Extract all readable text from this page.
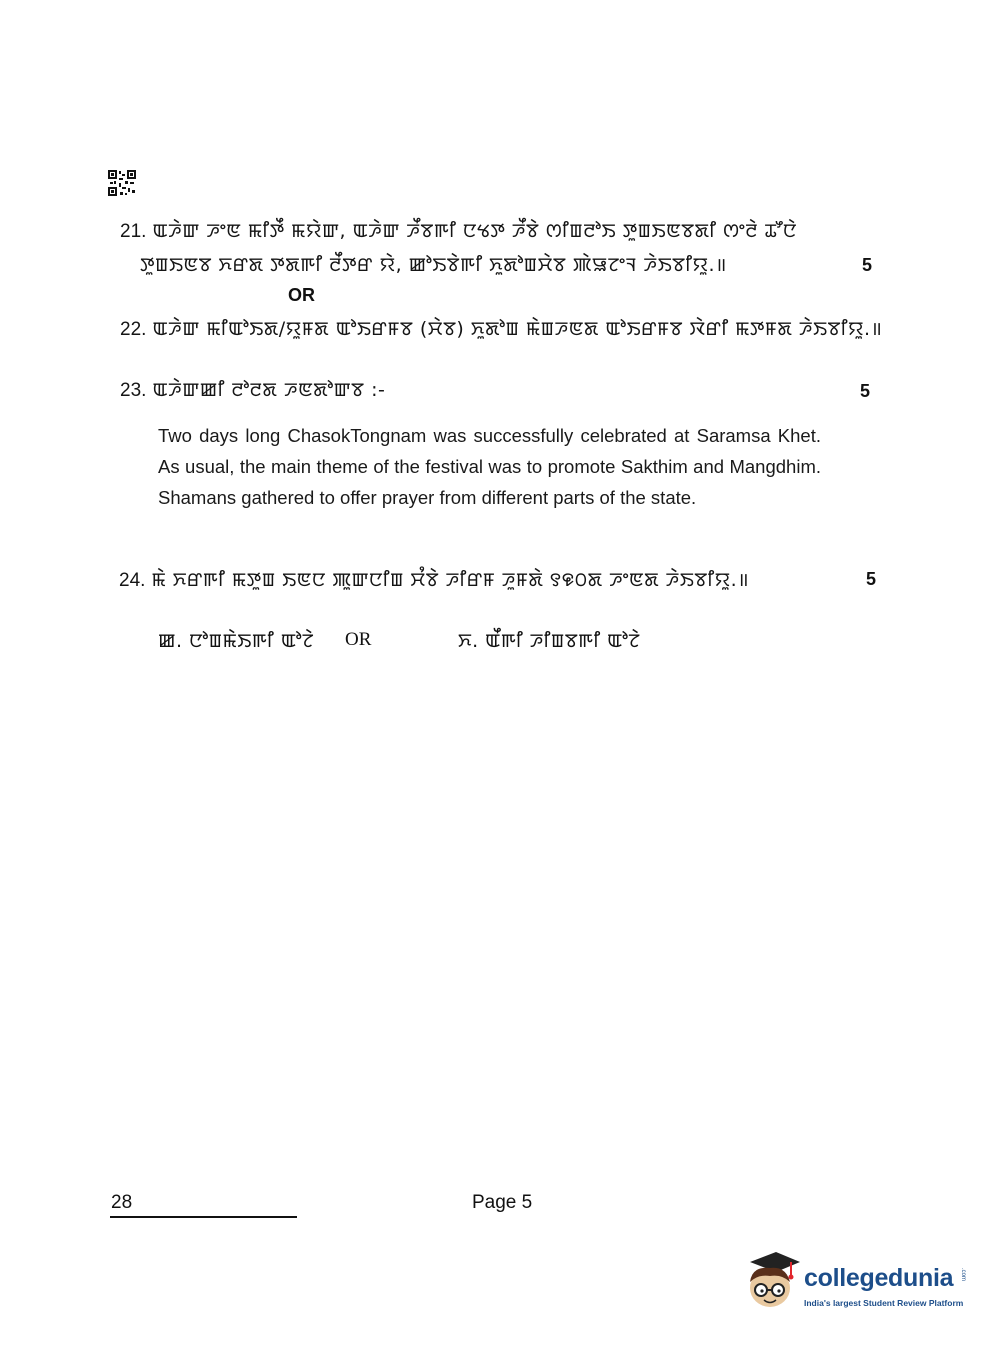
21. ꯑꯍꯥꯛ ꯍꯦꯟ ꯃꯤꯇꯩ ꯃꯌꯥꯛ, ꯑꯍꯥꯛ ꯍꯩꯕꯒꯤ ꯅꯠꯇ ꯍꯩꯕꯥ ꯁꯤꯡꯂꯣꯏ ꯇꯨꯡꯏꯟꯕꯗꯤ ꯁꯦꯂꯥ ꯊꯧꯅꯥ
ꯇꯨꯡꯏꯟꯕ ꯈꯔꯗ ꯇꯗꯒꯤ ꯂꯩꯇꯔ ꯌꯥ, ꯀꯣꯏꯕꯥꯒꯤ ꯈꯨꯗꯣꯡꯆꯥꯕ ꯄꯥꯎꯖꯦꯜ ꯍꯥꯏꯕꯤꯌꯨ.॥	5
OR
22. ꯑꯍꯥꯛ ꯃꯤꯑꯣꯏꯗ/ꯌꯨꯝꯗ ꯑꯣꯏꯔꯝꯕ (ꯆꯥꯕ) ꯈꯨꯗꯣꯡ ꯃꯥꯡꯍꯟꯗ ꯑꯣꯏꯔꯝꯕ ꯋꯥꯔꯤ ꯃꯇꯝꯗ ꯍꯥꯏꯕꯤꯌꯨ.॥
23. ꯑꯍꯥꯛꯀꯤ ꯂꯣꯂꯗ ꯍꯟꯗꯣꯛꯕ :-	5
Two days long ChasokTongnam was successfully celebrated at Saramsa Khet. As usual, the main theme of the festival was to promote Sakthim and Mangdhim. Shamans gathered to offer prayer from different parts of the state.
24. ꯃꯥ ꯈꯔꯒꯤ ꯃꯇꯨꯡ ꯏꯟꯅ ꯄꯨꯛꯅꯤꯡ ꯆꯪꯕꯥ ꯍꯤꯔꯝ ꯍꯨꯝꯗꯥ ꯱꯶꯰ꯗ ꯍꯦꯟꯗ ꯍꯥꯏꯕꯤꯌꯨ.॥	5
ꯀ. ꯅꯣꯡꯃꯥꯏꯒꯤ ꯑꯣꯖꯥ OR	ꯈ. ꯑꯩꯒꯤ ꯍꯤꯡꯕꯒꯤ ꯑꯣꯖꯥ
28	Page 5
collegedunia .com
India's largest Student Review Platform
